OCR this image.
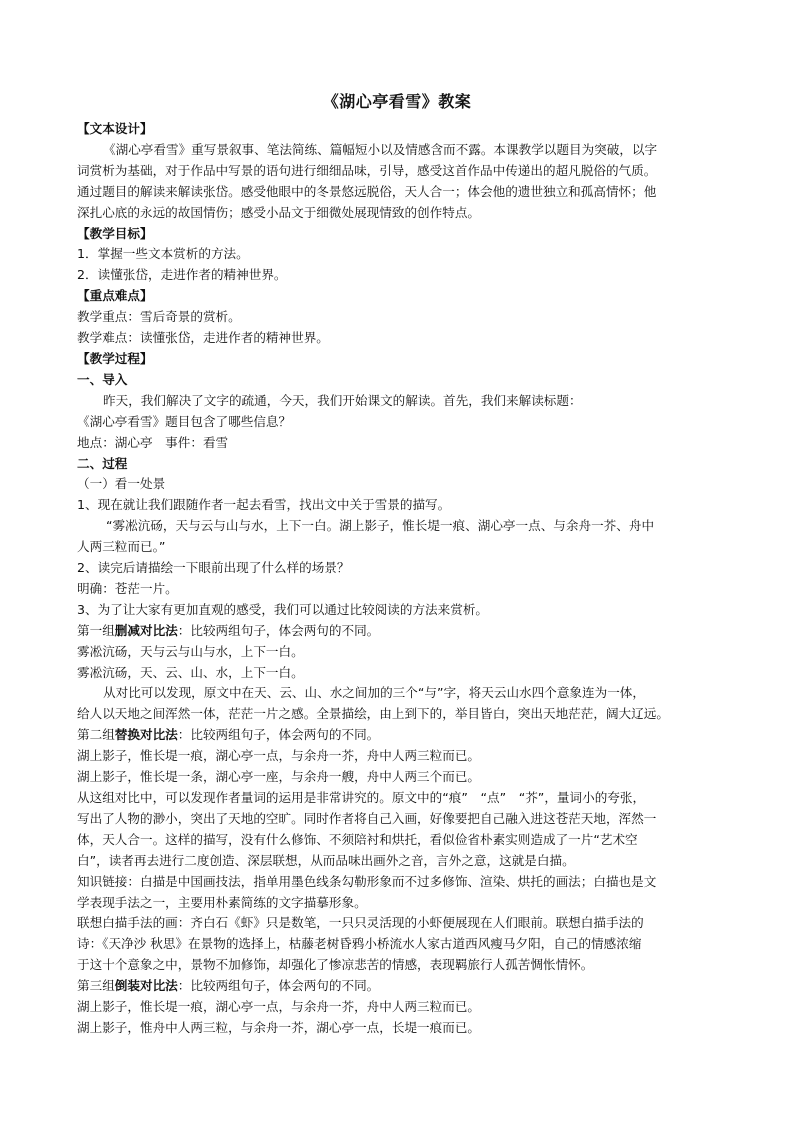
《湖心亭看雪》教案
【文本设计】
《湖心亭看雪》重写景叙事、笔法简练、篇幅短小以及情感含而不露。本课教学以题目为突破，以字
词赏析为基础，对于作品中写景的语句进行细细品味，引导，感受这首作品中传递出的超凡脱俗的气质。
通过题目的解读来解读张岱。感受他眼中的冬景悠远脱俗，天人合一；体会他的遗世独立和孤高情怀；他
深扎心底的永远的故国情伤；感受小品文于细微处展现情致的创作特点。
【教学目标】
1．掌握一些文本赏析的方法。
2．读懂张岱，走进作者的精神世界。
【重点难点】
教学重点：雪后奇景的赏析。
教学难点：读懂张岱，走进作者的精神世界。
【教学过程】
一、导入
昨天，我们解决了文字的疏通，今天，我们开始课文的解读。首先，我们来解读标题：
《湖心亭看雪》题目包含了哪些信息？
地点：湖心亭　事件：看雪
二、过程
（一）看一处景
1、现在就让我们跟随作者一起去看雪，找出文中关于雪景的描写。
“雾凇沆砀，天与云与山与水，上下一白。湖上影子，惟长堤一痕、湖心亭一点、与余舟一芥、舟中
人两三粒而已。”
2、读完后请描绘一下眼前出现了什么样的场景？
明确：苍茫一片。
3、为了让大家有更加直观的感受，我们可以通过比较阅读的方法来赏析。
第一组删减对比法：比较两组句子，体会两句的不同。
雾凇沆砀，天与云与山与水，上下一白。
雾凇沆砀，天、云、山、水，上下一白。
从对比可以发现，原文中在天、云、山、水之间加的三个“与”字，将天云山水四个意象连为一体，
给人以天地之间浑然一体，茫茫一片之感。全景描绘，由上到下的，举目皆白，突出天地茫茫，阔大辽远。
第二组替换对比法：比较两组句子，体会两句的不同。
湖上影子，惟长堤一痕，湖心亭一点，与余舟一芥，舟中人两三粒而已。
湖上影子，惟长堤一条，湖心亭一座，与余舟一艘，舟中人两三个而已。
从这组对比中，可以发现作者量词的运用是非常讲究的。原文中的“痕”　“点”　“芥”，量词小的夸张，
写出了人物的渺小，突出了天地的空旷。同时作者将自己入画，好像要把自己融入进这苍茫天地，浑然一
体，天人合一。这样的描写，没有什么修饰、不须陪衬和烘托，看似俭省朴素实则造成了一片“艺术空
白”，读者再去进行二度创造、深层联想，从而品味出画外之音，言外之意，这就是白描。
知识链接：白描是中国画技法，指单用墨色线条勾勒形象而不过多修饰、渲染、烘托的画法；白描也是文
学表现手法之一，主要用朴素简练的文字描摹形象。
联想白描手法的画：齐白石《虾》只是数笔，一只只灵活现的小虾便展现在人们眼前。联想白描手法的
诗：《天净沙 秋思》在景物的选择上，枯藤老树昏鸦小桥流水人家古道西风瘦马夕阳，自己的情感浓缩
于这十个意象之中，景物不加修饰，却强化了惨凉悲苦的情感，表现羁旅行人孤苦惆怅情怀。
第三组倒装对比法：比较两组句子，体会两句的不同。
湖上影子，惟长堤一痕，湖心亭一点，与余舟一芥，舟中人两三粒而已。
湖上影子，惟舟中人两三粒，与余舟一芥，湖心亭一点，长堤一痕而已。
